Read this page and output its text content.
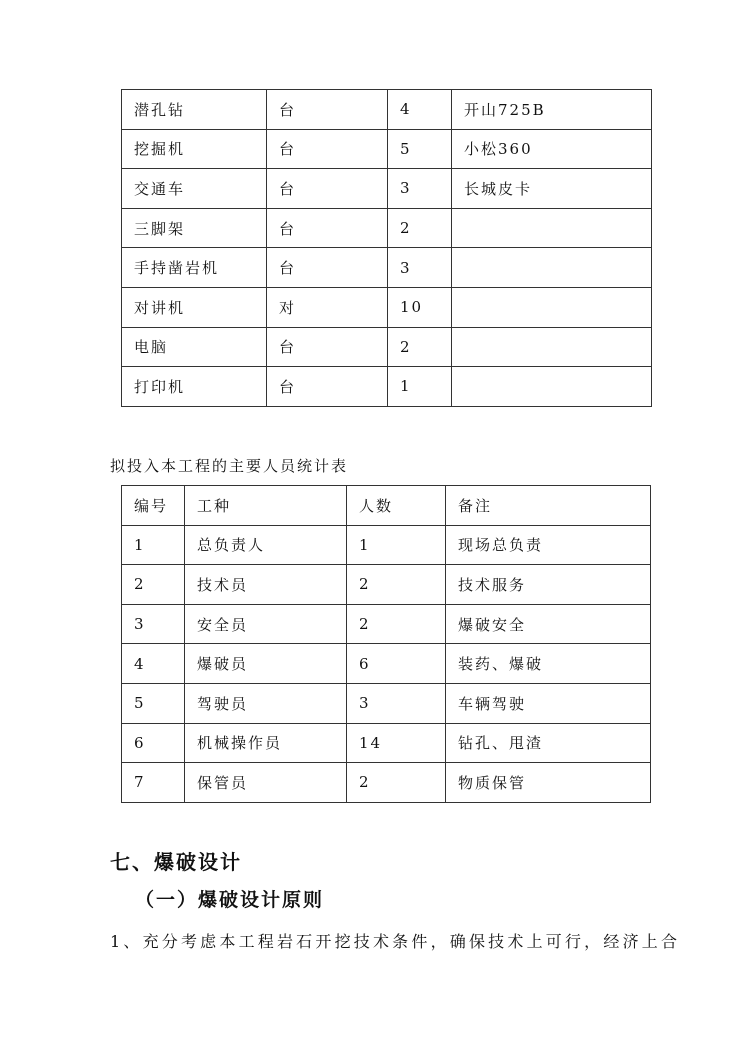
潜孔钻	台	4	开山725B
挖掘机	台	5	小松360
交通车	台	3	长城皮卡
三脚架	台	2	
手持凿岩机	台	3	
对讲机	对	10	
电脑	台	2	
打印机	台	1	
拟投入本工程的主要人员统计表
编号	工种	人数	备注
1	总负责人	1	现场总负责
2	技术员	2	技术服务
3	安全员	2	爆破安全
4	爆破员	6	装药、爆破
5	驾驶员	3	车辆驾驶
6	机械操作员	14	钻孔、甩渣
7	保管员	2	物质保管
七、爆破设计
（一）爆破设计原则
1、充分考虑本工程岩石开挖技术条件，确保技术上可行，经济上合
